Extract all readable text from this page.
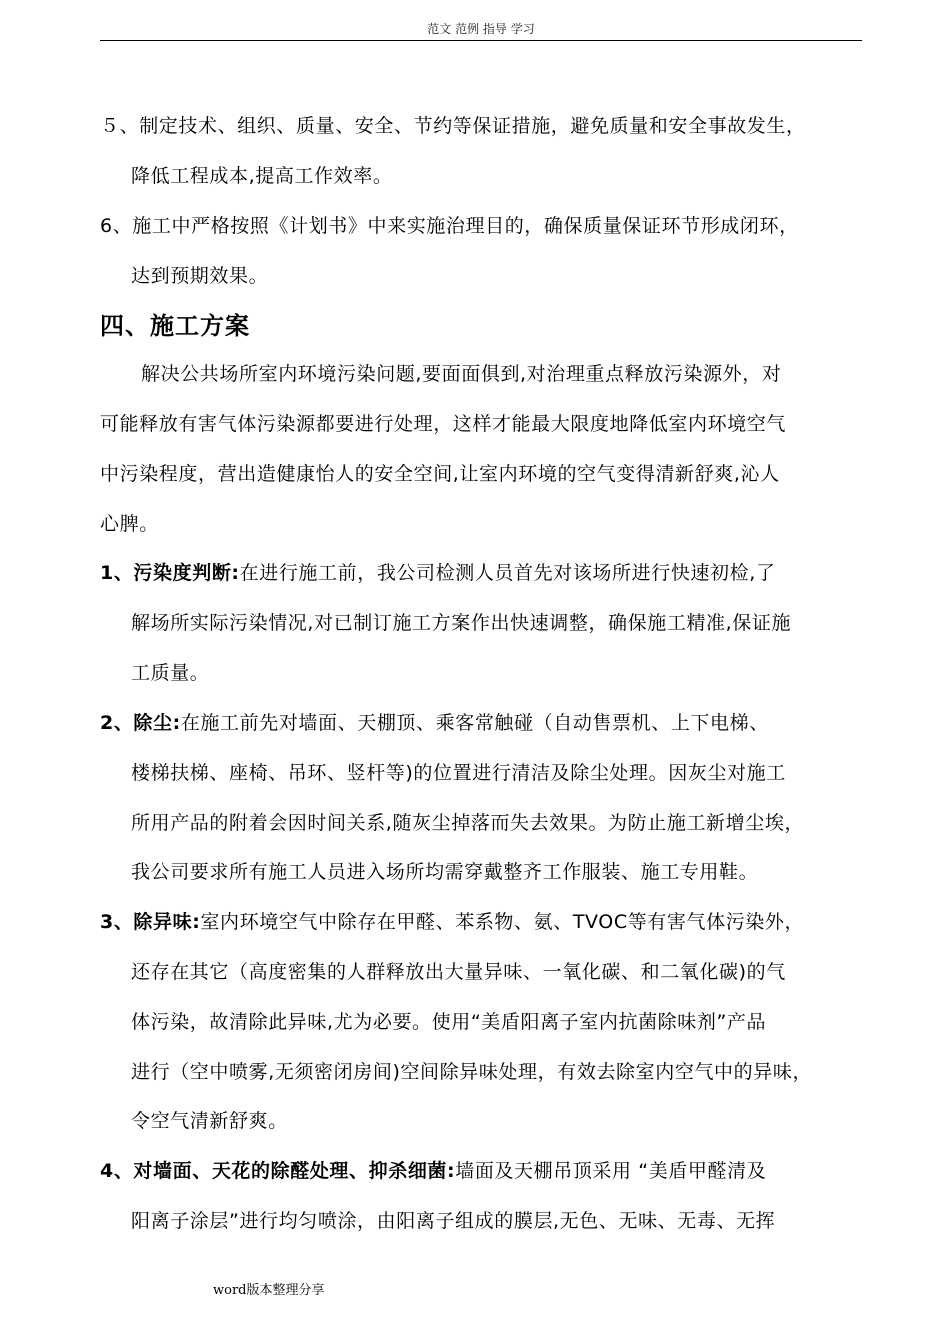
范文 范例 指导 学习
５、制定技术、组织、质量、安全、节约等保证措施，避免质量和安全事故发生，
降低工程成本,提高工作效率。
6、施工中严格按照《计划书》中来实施治理目的，确保质量保证环节形成闭环，
达到预期效果。
四、施工方案
解决公共场所室内环境污染问题,要面面俱到,对治理重点释放污染源外，对
可能释放有害气体污染源都要进行处理，这样才能最大限度地降低室内环境空气
中污染程度，营出造健康怡人的安全空间,让室内环境的空气变得清新舒爽,沁人
心脾。
1、污染度判断:在进行施工前，我公司检测人员首先对该场所进行快速初检,了
解场所实际污染情况,对已制订施工方案作出快速调整，确保施工精准,保证施
工质量。
2、除尘:在施工前先对墙面、天棚顶、乘客常触碰（自动售票机、上下电梯、
楼梯扶梯、座椅、吊环、竖杆等)的位置进行清洁及除尘处理。因灰尘对施工
所用产品的附着会因时间关系,随灰尘掉落而失去效果。为防止施工新增尘埃，
我公司要求所有施工人员进入场所均需穿戴整齐工作服装、施工专用鞋。
3、除异味:室内环境空气中除存在甲醛、苯系物、氨、TVOC等有害气体污染外，
还存在其它（高度密集的人群释放出大量异味、一氧化碳、和二氧化碳)的气
体污染，故清除此异味,尤为必要。使用“美盾阳离子室内抗菌除味剂”产品
进行（空中喷雾,无须密闭房间)空间除异味处理，有效去除室内空气中的异味，
令空气清新舒爽。
4、对墙面、天花的除醛处理、抑杀细菌:墙面及天棚吊顶采用 “美盾甲醛清及
阳离子涂层”进行均匀喷涂，由阳离子组成的膜层,无色、无味、无毒、无挥
word版本整理分享
